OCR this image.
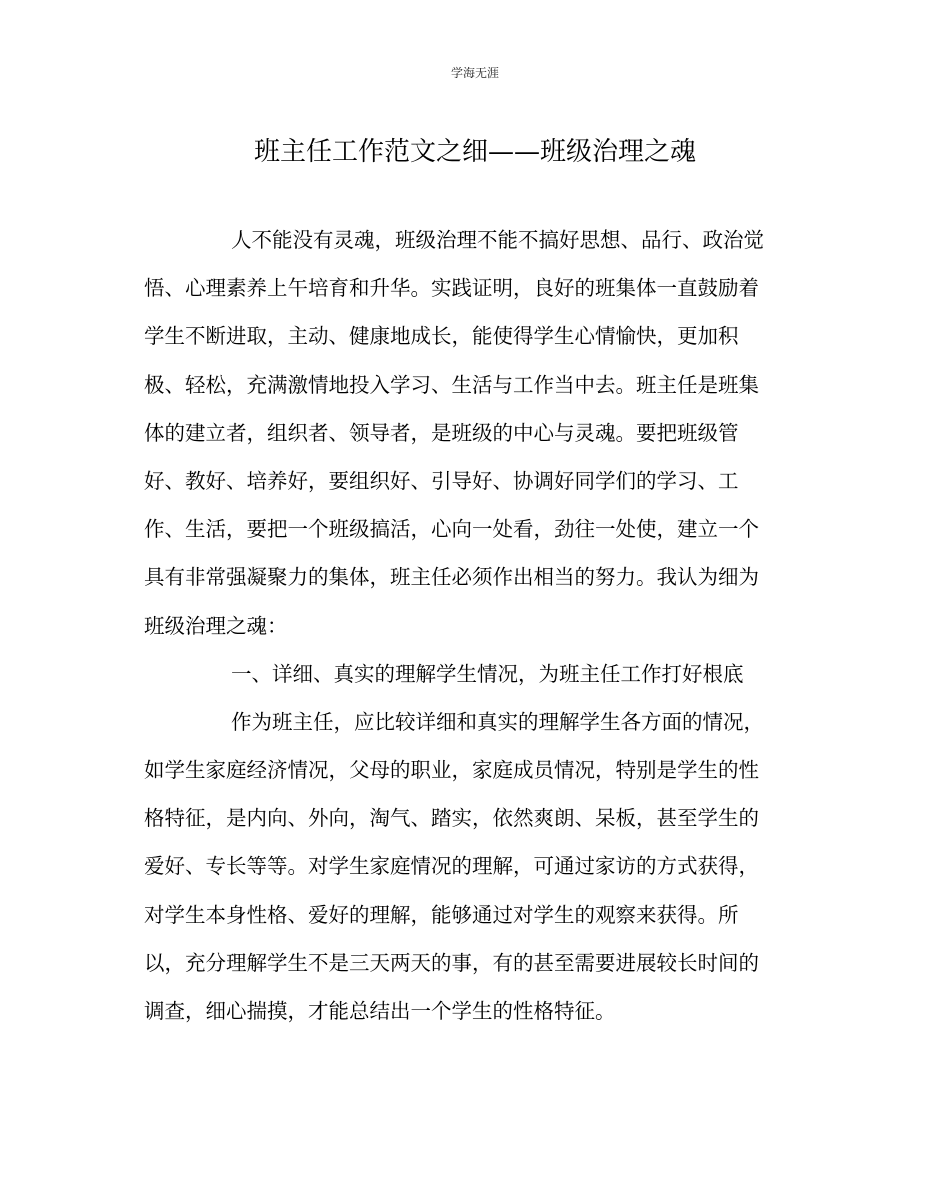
学海无涯
班主任工作范文之细——班级治理之魂
人不能没有灵魂，班级治理不能不搞好思想、品行、政治觉
悟、心理素养上午培育和升华。实践证明，良好的班集体一直鼓励着
学生不断进取，主动、健康地成长，能使得学生心情愉快，更加积
极、轻松，充满激情地投入学习、生活与工作当中去。班主任是班集
体的建立者，组织者、领导者，是班级的中心与灵魂。要把班级管
好、教好、培养好，要组织好、引导好、协调好同学们的学习、工
作、生活，要把一个班级搞活，心向一处看，劲往一处使，建立一个
具有非常强凝聚力的集体，班主任必须作出相当的努力。我认为细为
班级治理之魂：
一、详细、真实的理解学生情况，为班主任工作打好根底
作为班主任，应比较详细和真实的理解学生各方面的情况，
如学生家庭经济情况，父母的职业，家庭成员情况，特别是学生的性
格特征，是内向、外向，淘气、踏实，依然爽朗、呆板，甚至学生的
爱好、专长等等。对学生家庭情况的理解，可通过家访的方式获得，
对学生本身性格、爱好的理解，能够通过对学生的观察来获得。所
以，充分理解学生不是三天两天的事，有的甚至需要进展较长时间的
调查，细心揣摸，才能总结出一个学生的性格特征。
